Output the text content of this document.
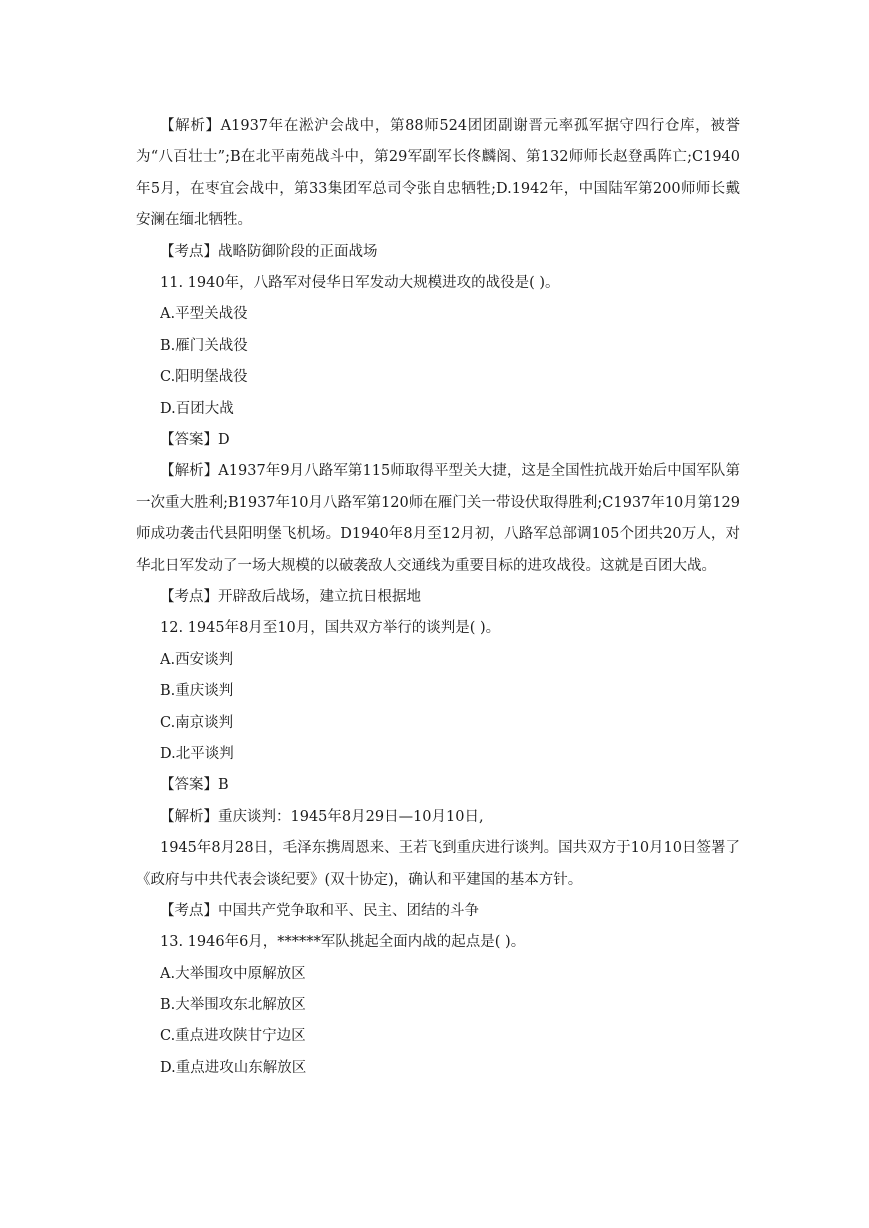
【解析】A1937年在淞沪会战中，第88师524团团副谢晋元率孤军据守四行仓库，被誉为“八百壮士”;B在北平南苑战斗中，第29军副军长佟麟阁、第132师师长赵登禹阵亡;C1940年5月，在枣宜会战中，第33集团军总司令张自忠牺牲;D.1942年，中国陆军第200师师长戴安澜在缅北牺牲。
【考点】战略防御阶段的正面战场
11. 1940年，八路军对侵华日军发动大规模进攻的战役是( )。
A.平型关战役
B.雁门关战役
C.阳明堡战役
D.百团大战
【答案】D
【解析】A1937年9月八路军第115师取得平型关大捷，这是全国性抗战开始后中国军队第一次重大胜利;B1937年10月八路军第120师在雁门关一带设伏取得胜利;C1937年10月第129 师成功袭击代县阳明堡飞机场。D1940年8月至12月初，八路军总部调105个团共20万人，对华北日军发动了一场大规模的以破袭敌人交通线为重要目标的进攻战役。这就是百团大战。
【考点】开辟敌后战场，建立抗日根据地
12. 1945年8月至10月，国共双方举行的谈判是( )。
A.西安谈判
B.重庆谈判
C.南京谈判
D.北平谈判
【答案】B
【解析】重庆谈判：1945年8月29日—10月10日,
1945年8月28日，毛泽东携周恩来、王若飞到重庆进行谈判。国共双方于10月10日签署了《政府与中共代表会谈纪要》(双十协定)，确认和平建国的基本方针。
【考点】中国共产党争取和平、民主、团结的斗争
13. 1946年6月，******军队挑起全面内战的起点是( )。
A.大举围攻中原解放区
B.大举围攻东北解放区
C.重点进攻陕甘宁边区
D.重点进攻山东解放区
